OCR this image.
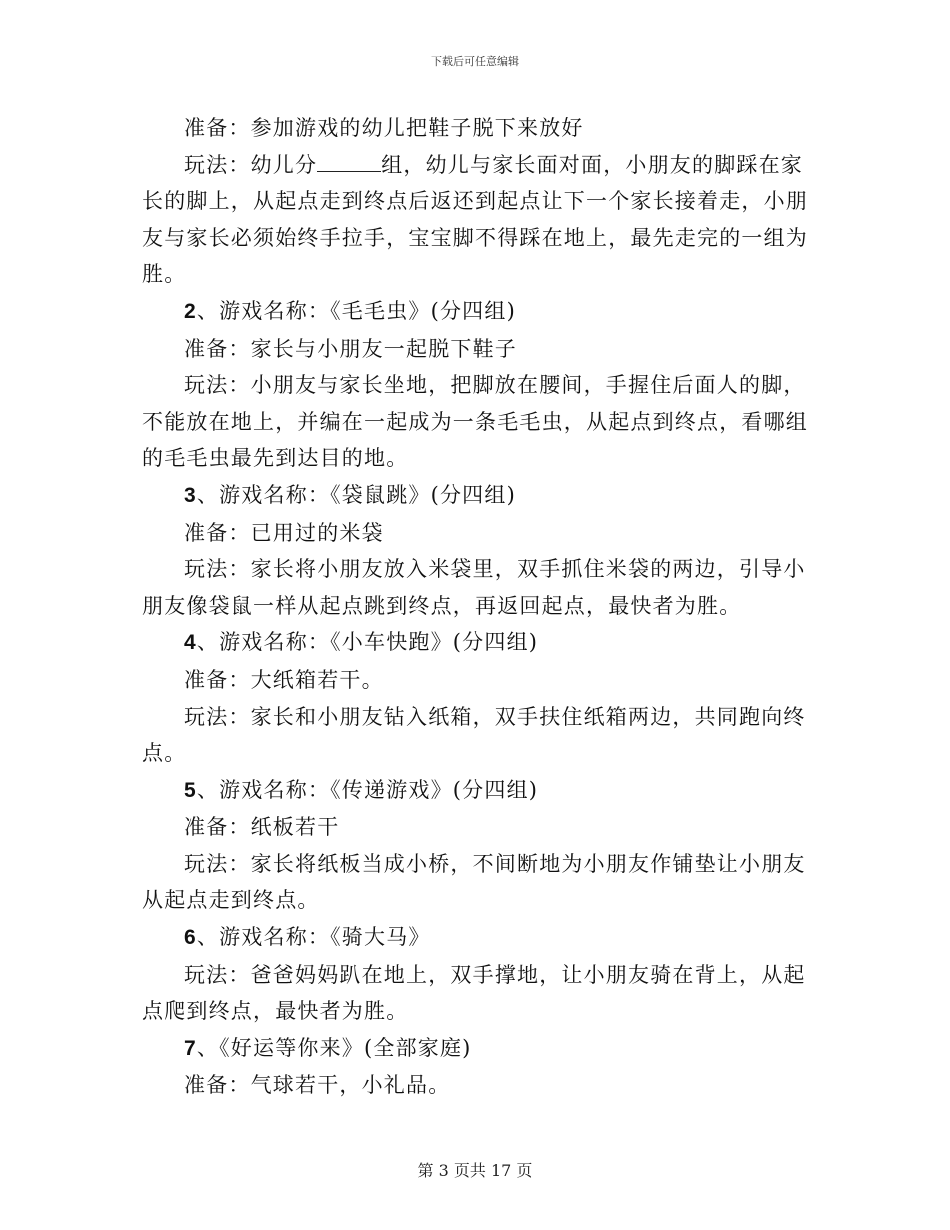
下载后可任意编辑

准备：参加游戏的幼儿把鞋子脱下来放好

玩法：幼儿分	组，幼儿与家长面对面，小朋友的脚踩在家长的脚上，从起点走到终点后返还到起点让下一个家长接着走，小朋友与家长必须始终手拉手，宝宝脚不得踩在地上，最先走完的一组为胜。

2、游戏名称：《毛毛虫》(分四组)

准备：家长与小朋友一起脱下鞋子

玩法：小朋友与家长坐地，把脚放在腰间，手握住后面人的脚，不能放在地上，并编在一起成为一条毛毛虫，从起点到终点，看哪组的毛毛虫最先到达目的地。

3、游戏名称：《袋鼠跳》(分四组)

准备：已用过的米袋

玩法：家长将小朋友放入米袋里，双手抓住米袋的两边，引导小朋友像袋鼠一样从起点跳到终点，再返回起点，最快者为胜。

4、游戏名称：《小车快跑》(分四组)

准备：大纸箱若干。

玩法：家长和小朋友钻入纸箱，双手扶住纸箱两边，共同跑向终点。

5、游戏名称：《传递游戏》(分四组)

准备：纸板若干

玩法：家长将纸板当成小桥，不间断地为小朋友作铺垫让小朋友从起点走到终点。

6、游戏名称：《骑大马》

玩法：爸爸妈妈趴在地上，双手撑地，让小朋友骑在背上，从起点爬到终点，最快者为胜。

7、《好运等你来》(全部家庭)

准备：气球若干，小礼品。

第 3 页共 17 页
